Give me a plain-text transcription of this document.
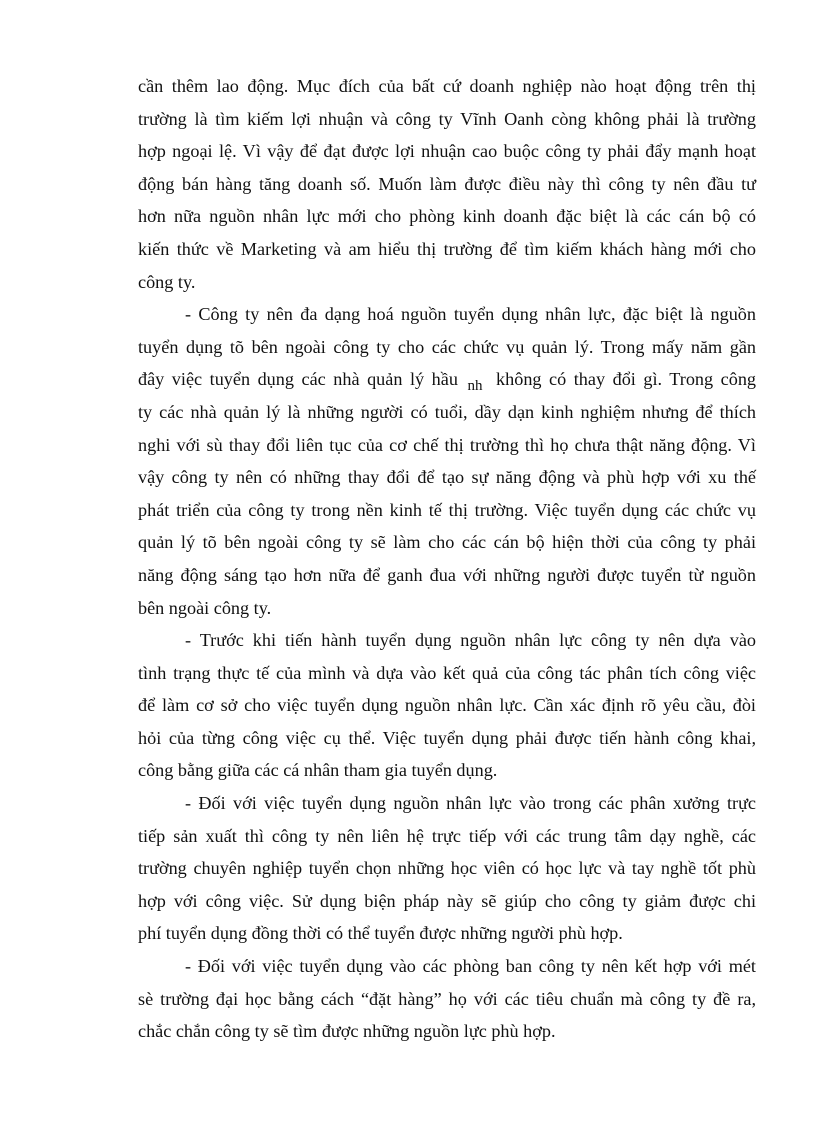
cần thêm lao động. Mục đích của bất cứ doanh nghiệp nào hoạt động trên thị
trường là tìm kiếm lợi nhuận và công ty Vĩnh Oanh còng không phải là trường
hợp ngoại lệ. Vì vậy để đạt được lợi nhuận cao buộc công ty phải đẩy mạnh hoạt
động bán hàng tăng doanh số. Muốn làm được điều này thì công ty nên đầu tư
hơn nữa nguồn nhân lực mới cho phòng kinh doanh đặc biệt là các cán bộ có
kiến thức về Marketing và am hiểu thị trường để tìm kiếm khách hàng mới cho
công ty.
- Công ty nên đa dạng hoá nguồn tuyển dụng nhân lực, đặc biệt là nguồn
tuyển dụng tõ bên ngoài công ty cho các chức vụ quản lý. Trong mấy năm gần
đây việc tuyển dụng các nhà quản lý hầu $_{nh}$ không có thay đổi gì. Trong công
ty các nhà quản lý là những người có tuổi, dầy dạn kinh nghiệm nhưng để thích
nghi với sù thay đổi liên tục của cơ chế thị trường thì họ chưa thật năng động. Vì
vậy công ty nên có những thay đổi để tạo sự năng động và phù hợp với xu thế
phát triển của công ty trong nền kinh tế thị trường. Việc tuyển dụng các chức vụ
quản lý tõ bên ngoài công ty sẽ làm cho các cán bộ hiện thời của công ty phải
năng động sáng tạo hơn nữa để ganh đua với những người được tuyển từ nguồn
bên ngoài công ty.
- Trước khi tiến hành tuyển dụng nguồn nhân lực công ty nên dựa vào
tình trạng thực tế của mình và dựa vào kết quả của công tác phân tích công việc
để làm cơ sở cho việc tuyển dụng nguồn nhân lực. Cần xác định rõ yêu cầu, đòi
hỏi của từng công việc cụ thể. Việc tuyển dụng phải được tiến hành công khai,
công bằng giữa các cá nhân tham gia tuyển dụng.
- Đối với việc tuyển dụng nguồn nhân lực vào trong các phân xưởng trực
tiếp sản xuất thì công ty nên liên hệ trực tiếp với các trung tâm dạy nghề, các
trường chuyên nghiệp tuyển chọn những học viên có học lực và tay nghề tốt phù
hợp với công việc. Sử dụng biện pháp này sẽ giúp cho công ty giảm được chi
phí tuyển dụng đồng thời có thể tuyển được những người phù hợp.
- Đối với việc tuyển dụng vào các phòng ban công ty nên kết hợp với mét
sè trường đại học bằng cách “đặt hàng” họ với các tiêu chuẩn mà công ty đề ra,
chắc chắn công ty sẽ tìm được những nguồn lực phù hợp.
